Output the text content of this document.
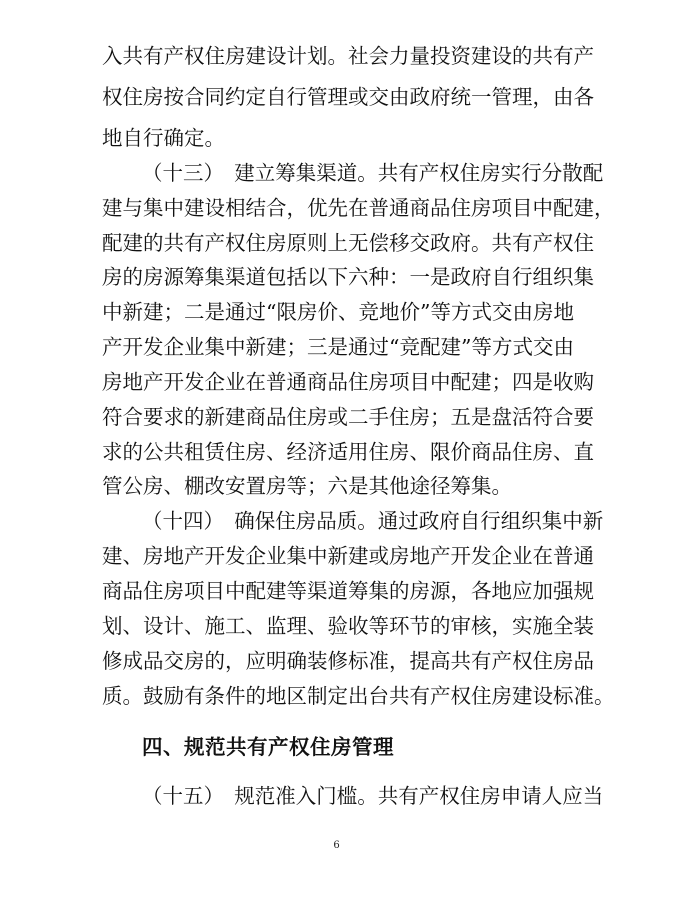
入共有产权住房建设计划。社会力量投资建设的共有产
权住房按合同约定自行管理或交由政府统一管理，由各
地自行确定。
（十三）　建立筹集渠道。共有产权住房实行分散配
建与集中建设相结合，优先在普通商品住房项目中配建，
配建的共有产权住房原则上无偿移交政府。共有产权住
房的房源筹集渠道包括以下六种：一是政府自行组织集
中新建；二是通过“限房价、竞地价”等方式交由房地
产开发企业集中新建；三是通过“竞配建”等方式交由
房地产开发企业在普通商品住房项目中配建；四是收购
符合要求的新建商品住房或二手住房；五是盘活符合要
求的公共租赁住房、经济适用住房、限价商品住房、直
管公房、棚改安置房等；六是其他途径筹集。
（十四）　确保住房品质。通过政府自行组织集中新
建、房地产开发企业集中新建或房地产开发企业在普通
商品住房项目中配建等渠道筹集的房源，各地应加强规
划、设计、施工、监理、验收等环节的审核，实施全装
修成品交房的，应明确装修标准，提高共有产权住房品
质。鼓励有条件的地区制定出台共有产权住房建设标准。
四、规范共有产权住房管理
（十五）　规范准入门槛。共有产权住房申请人应当
6
